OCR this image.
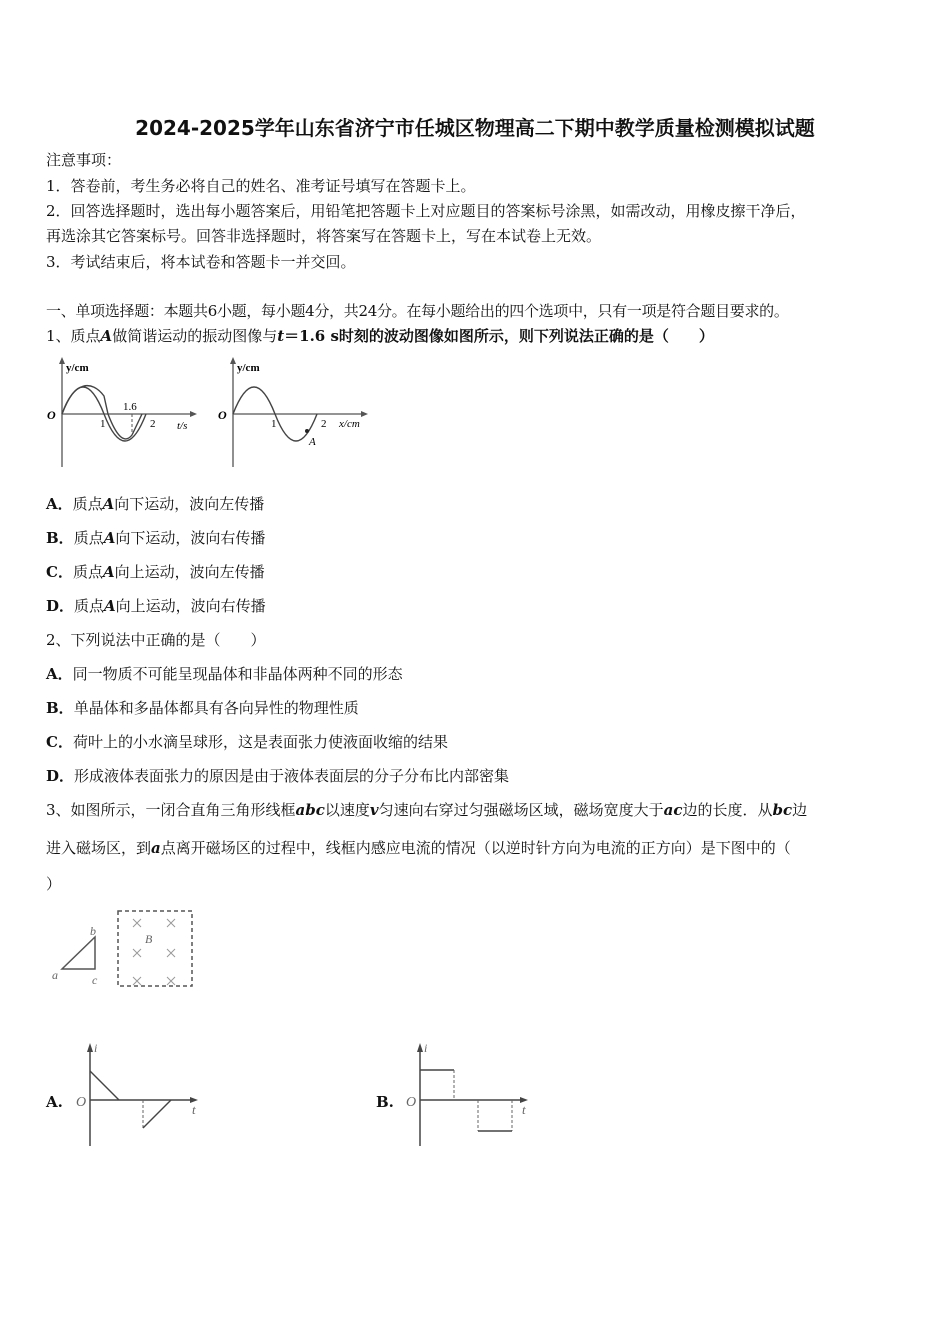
2024-2025学年山东省济宁市任城区物理高二下期中教学质量检测模拟试题
注意事项：
1．答卷前，考生务必将自己的姓名、准考证号填写在答题卡上。
2．回答选择题时，选出每小题答案后，用铅笔把答题卡上对应题目的答案标号涂黑，如需改动，用橡皮擦干净后，
再选涂其它答案标号。回答非选择题时，将答案写在答题卡上，写在本试卷上无效。
3．考试结束后，将本试卷和答题卡一并交回。
一、单项选择题：本题共6小题，每小题4分，共24分。在每小题给出的四个选项中，只有一项是符合题目要求的。
1、质点A做简谐运动的振动图像与t＝1.6 s时刻的波动图像如图所示，则下列说法正确的是（　　）
y/cm
O
1
1.6
2 t/s
y/cm
O
1	2
A
x/cm
A．质点A向下运动，波向左传播
B．质点A向下运动，波向右传播
C．质点A向上运动，波向左传播
D．质点A向上运动，波向右传播
2、下列说法中正确的是（　　）
A．同一物质不可能呈现晶体和非晶体两种不同的形态
B．单晶体和多晶体都具有各向异性的物理性质
C．荷叶上的小水滴呈球形，这是表面张力使液面收缩的结果
D．形成液体表面张力的原因是由于液体表面层的分子分布比内部密集
3、如图所示，一闭合直角三角形线框abc以速度v匀速向右穿过匀强磁场区域，磁场宽度大于ac边的长度．从bc边
进入磁场区，到a点离开磁场区的过程中，线框内感应电流的情况（以逆时针方向为电流的正方向）是下图中的（
）
a
b
c
B
A.
i
O	t	B.
i
O	t
